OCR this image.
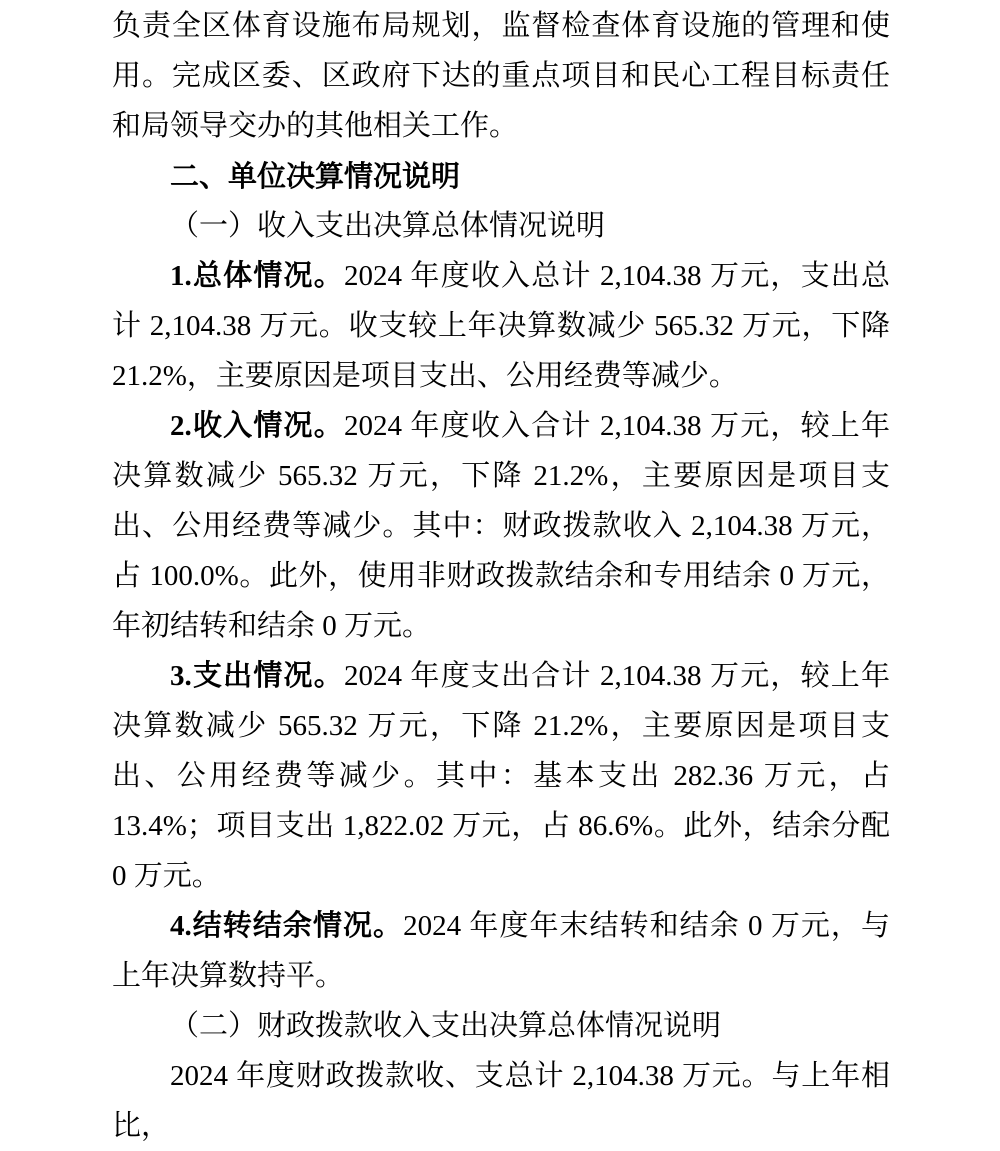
负责全区体育设施布局规划，监督检查体育设施的管理和使用。完成区委、区政府下达的重点项目和民心工程目标责任和局领导交办的其他相关工作。

二、单位决算情况说明

（一）收入支出决算总体情况说明

1.总体情况。2024 年度收入总计 2,104.38 万元，支出总计 2,104.38 万元。收支较上年决算数减少 565.32 万元，下降 21.2%，主要原因是项目支出、公用经费等减少。

2.收入情况。2024 年度收入合计 2,104.38 万元，较上年决算数减少 565.32 万元，下降 21.2%，主要原因是项目支出、公用经费等减少。其中：财政拨款收入 2,104.38 万元，占 100.0%。此外，使用非财政拨款结余和专用结余 0 万元，年初结转和结余 0 万元。

3.支出情况。2024 年度支出合计 2,104.38 万元，较上年决算数减少 565.32 万元，下降 21.2%，主要原因是项目支出、公用经费等减少。其中：基本支出 282.36 万元，占 13.4%；项目支出 1,822.02 万元，占 86.6%。此外，结余分配 0 万元。

4.结转结余情况。2024 年度年末结转和结余 0 万元，与上年决算数持平。

（二）财政拨款收入支出决算总体情况说明

2024 年度财政拨款收、支总计 2,104.38 万元。与上年相比，
